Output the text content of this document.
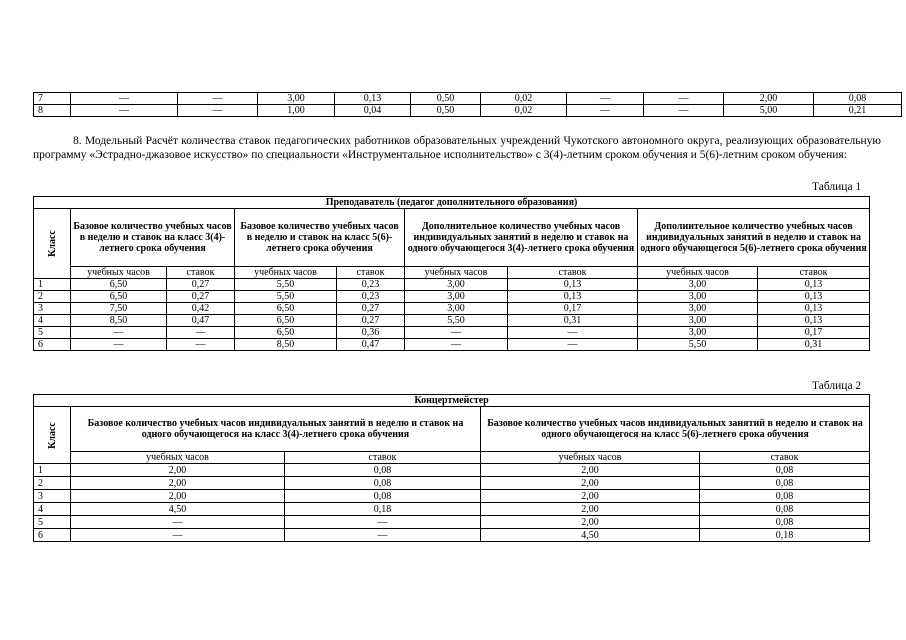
7	—	—	3,00	0,13	0,50	0,02	—	—	2,00	0,08
8	—	—	1,00	0,04	0,50	0,02	—	—	5,00	0,21

8. Модельный Расчёт количества ставок педагогических работников образовательных учреждений Чукотского автономного округа, реализующих образовательную программу «Эстрадно-джазовое искусство» по специальности «Инструментальное исполнительство» с 3(4)-летним сроком обучения и 5(6)-летним сроком обучения:

Таблица 1
Преподаватель (педагог дополнительного образования)								
Класс	Базовое количество учебных часов в неделю и ставок на класс 3(4)-летнего срока обучения		Базовое количество учебных часов в неделю и ставок на класс 5(6)-летнего срока обучения		Дополнительное количество учебных часов индивидуальных занятий в неделю и ставок на одного обучающегося 3(4)-летнего срока обучения		Дополнительное количество учебных часов индивидуальных занятий в неделю и ставок на одного обучающегося 5(6)-летнего срока обучения	
	учебных часов	ставок	учебных часов	ставок	учебных часов	ставок	учебных часов	ставок
1	6,50	0,27	5,50	0,23	3,00	0,13	3,00	0,13
2	6,50	0,27	5,50	0,23	3,00	0,13	3,00	0,13
3	7,50	0,42	6,50	0,27	3,00	0,17	3,00	0,13
4	8,50	0,47	6,50	0,27	5,50	0,31	3,00	0,13
5	—	—	6,50	0,36	—	—	3,00	0,17
6	—	—	8,50	0,47	—	—	5,50	0,31
Таблица 2
Концертмейстер				
Класс	Базовое количество учебных часов индивидуальных занятий в неделю и ставок на одного обучающегося на класс 3(4)-летнего срока обучения		Базовое количество учебных часов индивидуальных занятий в неделю и ставок на одного обучающегося на класс 5(6)-летнего срока обучения	
	учебных часов	ставок	учебных часов	ставок
1	2,00	0,08	2,00	0,08
2	2,00	0,08	2,00	0,08
3	2,00	0,08	2,00	0,08
4	4,50	0,18	2,00	0,08
5	—	—	2,00	0,08
6	—	—	4,50	0,18
